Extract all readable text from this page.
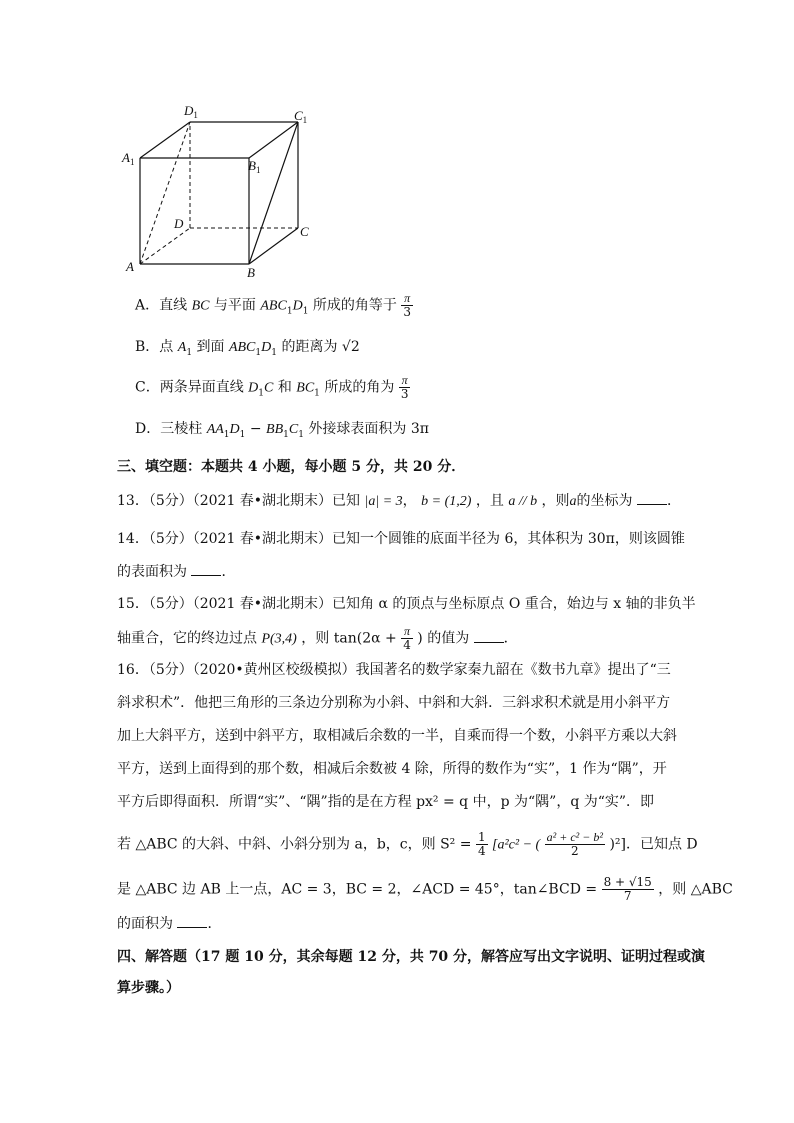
$D_1$	$C_1$
$A_1$	$B_1$
D
C
A	B
A．直线 BC 与平面 $ABC_1D_1$ 所成的角等于 $\frac{\pi}{3}$
B．点 $A_1$ 到面 $ABC_1D_1$ 的距离为 √2
C．两条异面直线 $D_1C$ 和 $BC_1$ 所成的角为 $\frac{\pi}{3}$
D．三棱柱 $AA_1D_1 - BB_1C_1$ 外接球表面积为 3π
三、填空题：本题共 4 小题，每小题 5 分，共 20 分．
13．（5分）（2021 春•湖北期末）已知 |a| = 3， b = (1,2) ，且 a // b ，则a的坐标为 ．
14．（5分）（2021 春•湖北期末）已知一个圆锥的底面半径为 6，其体积为 30π，则该圆锥
的表面积为 ．
15．（5分）（2021 春•湖北期末）已知角 α 的顶点与坐标原点 O 重合，始边与 x 轴的非负半
轴重合，它的终边过点 P(3,4) ，则 $\tan(2\alpha + \frac{\pi}{4}$ ) 的值为 ．
16．（5分）（2020•黄州区校级模拟）我国著名的数学家秦九韶在《数书九章》提出了“三
斜求积术”．他把三角形的三条边分别称为小斜、中斜和大斜．三斜求积术就是用小斜平方
加上大斜平方，送到中斜平方，取相减后余数的一半，自乘而得一个数，小斜平方乘以大斜
平方，送到上面得到的那个数，相减后余数被 4 除，所得的数作为“实”，1 作为“隅”，开
平方后即得面积．所谓“实”、“隅”指的是在方程 px² = q 中，p 为“隅”，q 为“实”．即
若 △ABC 的大斜、中斜、小斜分别为 a，b，c，则 $S^2 = \frac{1}{4} [a^2c^2$ − ( $\frac{\text{a² + c² − b²}}{2} )^2$]．已知点 D
是 △ABC 边 AB 上一点，AC = 3，BC = 2，∠ACD = 45°，tan∠BCD = $\frac{8 + √15}{7}$ ，则 △ABC
的面积为 ．
四、解答题（17 题 10 分，其余每题 12 分，共 70 分，解答应写出文字说明、证明过程或演
算步骤。）
